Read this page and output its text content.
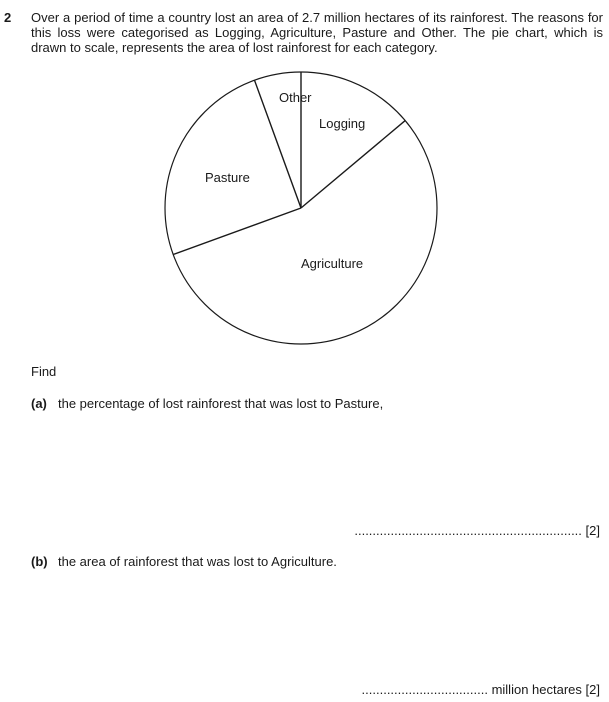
2 Over a period of time a country lost an area of 2.7 million hectares of its rainforest. The reasons for this loss were categorised as Logging, Agriculture, Pasture and Other. The pie chart, which is drawn to scale, represents the area of lost rainforest for each category.
Other
Logging
Agriculture
Pasture
Find
(a) the percentage of lost rainforest that was lost to Pasture,
............................................................... [2]
(b) the area of rainforest that was lost to Agriculture.
................................... million hectares [2]
